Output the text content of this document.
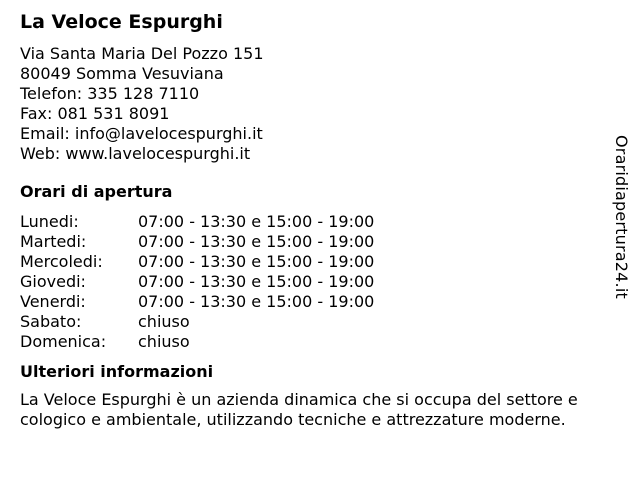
La Veloce Espurghi
Via Santa Maria Del Pozzo 151
80049 Somma Vesuviana
Telefon: 335 128 7110
Fax: 081 531 8091
Email: info@lavelocespurghi.it
Web: www.lavelocespurghi.it
Orari di apertura
Lunedi:	07:00 - 13:30 e 15:00 - 19:00
Martedi:	07:00 - 13:30 e 15:00 - 19:00
Mercoledi:	07:00 - 13:30 e 15:00 - 19:00
Giovedi:	07:00 - 13:30 e 15:00 - 19:00
Venerdi:	07:00 - 13:30 e 15:00 - 19:00
Sabato:	chiuso
Domenica:	chiuso
Ulteriori informazioni

La Veloce Espurghi è un azienda dinamica che si occupa del settore e cologico e ambientale, utilizzando tecniche e attrezzature moderne.

Oraridiapertura24.it
